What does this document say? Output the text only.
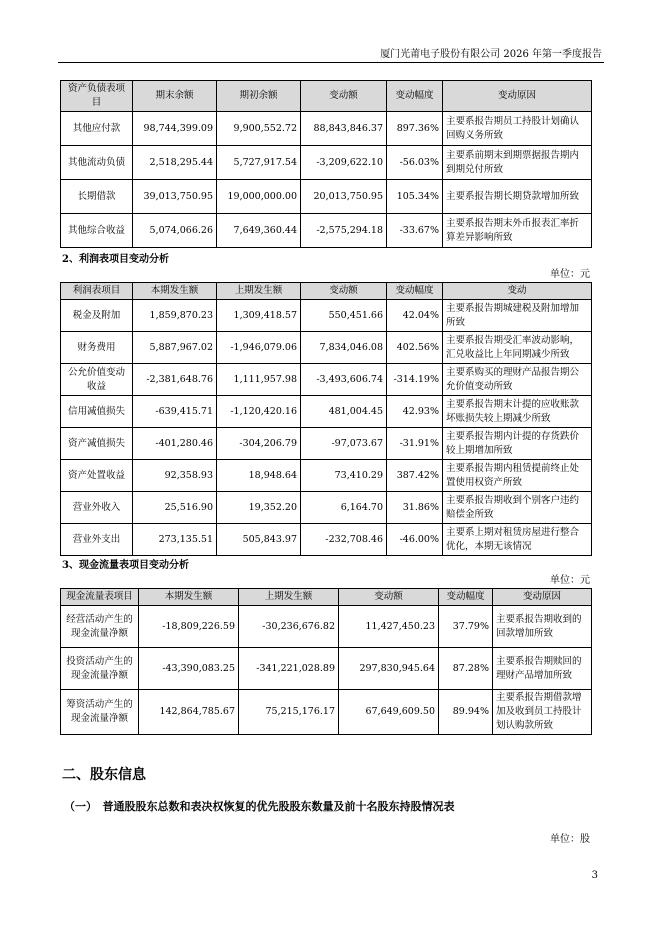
厦门光莆电子股份有限公司 2026 年第一季度报告
资产负债表项目	期末余额	期初余额	变动额	变动幅度	变动原因
其他应付款	98,744,399.09	9,900,552.72	88,843,846.37	897.36%	主要系报告期员工持股计划确认回购义务所致
其他流动负债	2,518,295.44	5,727,917.54	-3,209,622.10	-56.03%	主要系前期末到期票据报告期内到期兑付所致
长期借款	39,013,750.95	19,000,000.00	20,013,750.95	105.34%	主要系报告期长期贷款增加所致
其他综合收益	5,074,066.26	7,649,360.44	-2,575,294.18	-33.67%	主要系报告期末外币报表汇率折算差异影响所致
2、利润表项目变动分析
单位：元
利润表项目	本期发生额	上期发生额	变动额	变动幅度	变动
税金及附加	1,859,870.23	1,309,418.57	550,451.66	42.04%	主要系报告期城建税及附加增加所致
财务费用	5,887,967.02	-1,946,079.06	7,834,046.08	402.56%	主要系报告期受汇率波动影响，汇兑收益比上年同期减少所致
公允价值变动收益	-2,381,648.76	1,111,957.98	-3,493,606.74	-314.19%	主要系购买的理财产品报告期公允价值变动所致
信用减值损失	-639,415.71	-1,120,420.16	481,004.45	42.93%	主要系报告期末计提的应收账款坏账损失较上期减少所致
资产减值损失	-401,280.46	-304,206.79	-97,073.67	-31.91%	主要系报告期内计提的存货跌价较上期增加所致
资产处置收益	92,358.93	18,948.64	73,410.29	387.42%	主要系报告期内租赁提前终止处置使用权资产所致
营业外收入	25,516.90	19,352.20	6,164.70	31.86%	主要系报告期收到个别客户违约赔偿金所致
营业外支出	273,135.51	505,843.97	-232,708.46	-46.00%	主要系上期对租赁房屋进行整合优化，本期无该情况
3、现金流量表项目变动分析
单位：元
现金流量表项目	本期发生额	上期发生额	变动额	变动幅度	变动原因
经营活动产生的现金流量净额	-18,809,226.59	-30,236,676.82	11,427,450.23	37.79%	主要系报告期收到的回款增加所致
投资活动产生的现金流量净额	-43,390,083.25	-341,221,028.89	297,830,945.64	87.28%	主要系报告期赎回的理财产品增加所致
筹资活动产生的现金流量净额	142,864,785.67	75,215,176.17	67,649,609.50	89.94%	主要系报告期借款增加及收到员工持股计划认购款所致
二、股东信息
（一）　普通股股东总数和表决权恢复的优先股股东数量及前十名股东持股情况表
单位：股
3
